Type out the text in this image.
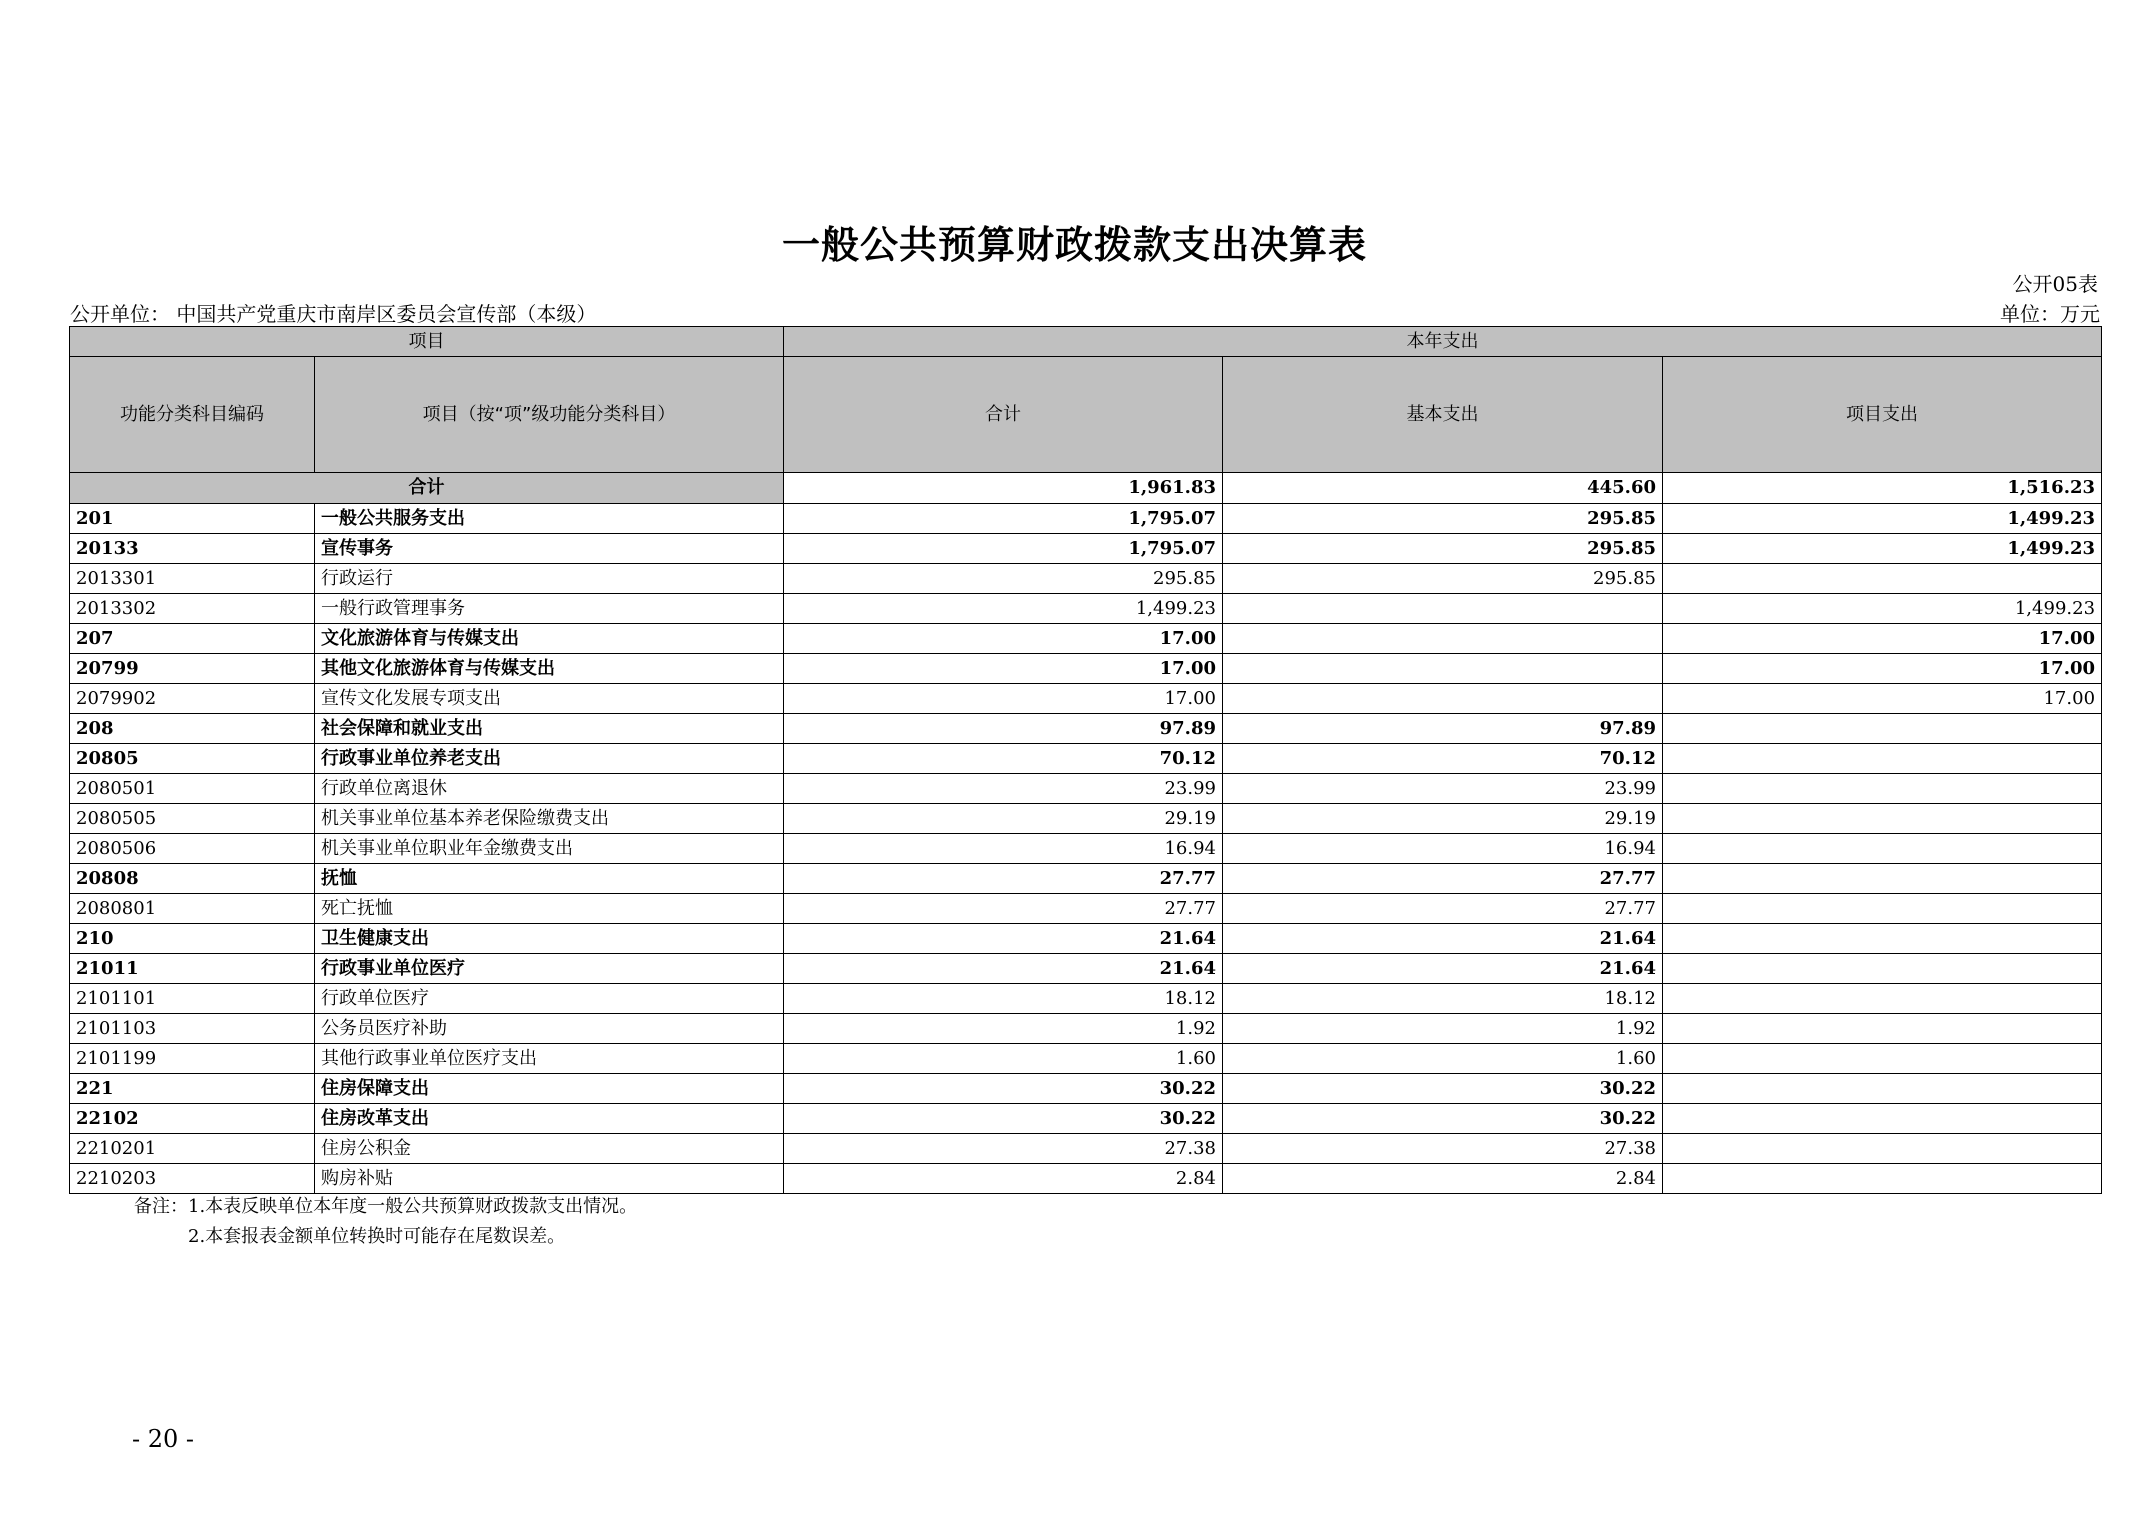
一般公共预算财政拨款支出决算表
公开05表
公开单位： 中国共产党重庆市南岸区委员会宣传部（本级）	单位：万元
项目		本年支出		
功能分类科目编码	项目（按“项”级功能分类科目）	合计	基本支出	项目支出
合计		1,961.83	445.60	1,516.23
201	一般公共服务支出	1,795.07	295.85	1,499.23
20133	宣传事务	1,795.07	295.85	1,499.23
2013301	行政运行	295.85	295.85	
2013302	一般行政管理事务	1,499.23		1,499.23
207	文化旅游体育与传媒支出	17.00		17.00
20799	其他文化旅游体育与传媒支出	17.00		17.00
2079902	宣传文化发展专项支出	17.00		17.00
208	社会保障和就业支出	97.89	97.89	
20805	行政事业单位养老支出	70.12	70.12	
2080501	行政单位离退休	23.99	23.99	
2080505	机关事业单位基本养老保险缴费支出	29.19	29.19	
2080506	机关事业单位职业年金缴费支出	16.94	16.94	
20808	抚恤	27.77	27.77	
2080801	死亡抚恤	27.77	27.77	
210	卫生健康支出	21.64	21.64	
21011	行政事业单位医疗	21.64	21.64	
2101101	行政单位医疗	18.12	18.12	
2101103	公务员医疗补助	1.92	1.92	
2101199	其他行政事业单位医疗支出	1.60	1.60	
221	住房保障支出	30.22	30.22	
22102	住房改革支出	30.22	30.22	
2210201	住房公积金	27.38	27.38	
2210203	购房补贴	2.84	2.84	
备注：1.本表反映单位本年度一般公共预算财政拨款支出情况。
2.本套报表金额单位转换时可能存在尾数误差。
- 20 -
